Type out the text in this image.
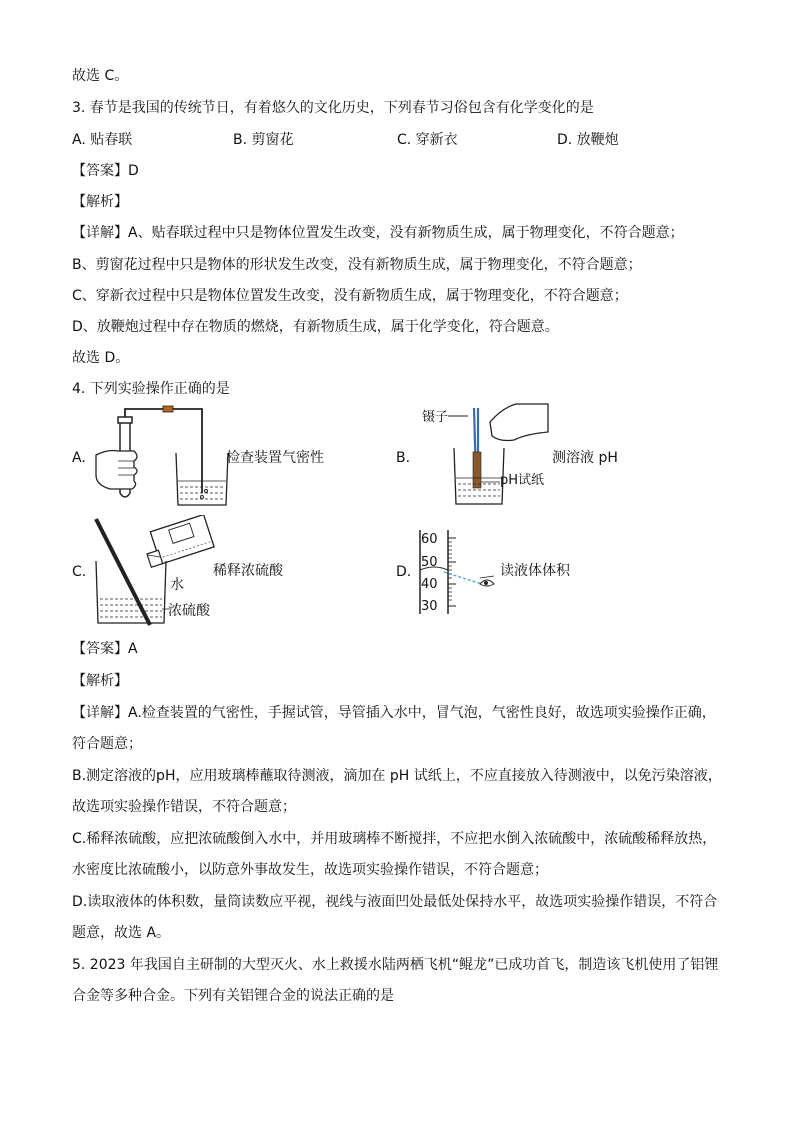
故选 C。
3. 春节是我国的传统节日，有着悠久的文化历史，下列春节习俗包含有化学变化的是
A. 贴春联	B. 剪窗花	C. 穿新衣	D. 放鞭炮
【答案】D
【解析】
【详解】A、贴春联过程中只是物体位置发生改变，没有新物质生成，属于物理变化，不符合题意；
B、剪窗花过程中只是物体的形状发生改变，没有新物质生成，属于物理变化，不符合题意；
C、穿新衣过程中只是物体位置发生改变，没有新物质生成，属于物理变化，不符合题意；
D、放鞭炮过程中存在物质的燃烧，有新物质生成，属于化学变化，符合题意。
故选 D。
4. 下列实验操作正确的是
A.	检查装置气密性	B.
镊子
pH试纸
测溶液 pH
C.	稀释浓硫酸
水
浓硫酸
D.
60
50
40
30
读液体体积
【答案】A
【解析】
【详解】A.检查装置的气密性，手握试管，导管插入水中，冒气泡，气密性良好，故选项实验操作正确，
符合题意；
B.测定溶液的pH，应用玻璃棒蘸取待测液，滴加在 pH 试纸上，不应直接放入待测液中，以免污染溶液，
故选项实验操作错误，不符合题意；
C.稀释浓硫酸，应把浓硫酸倒入水中，并用玻璃棒不断搅拌，不应把水倒入浓硫酸中，浓硫酸稀释放热，
水密度比浓硫酸小，以防意外事故发生，故选项实验操作错误，不符合题意；
D.读取液体的体积数，量筒读数应平视，视线与液面凹处最低处保持水平，故选项实验操作错误，不符合
题意，故选 A。
5. 2023 年我国自主研制的大型灭火、水上救援水陆两栖飞机“鲲龙”已成功首飞，制造该飞机使用了铝锂
合金等多种合金。下列有关铝锂合金的说法正确的是
